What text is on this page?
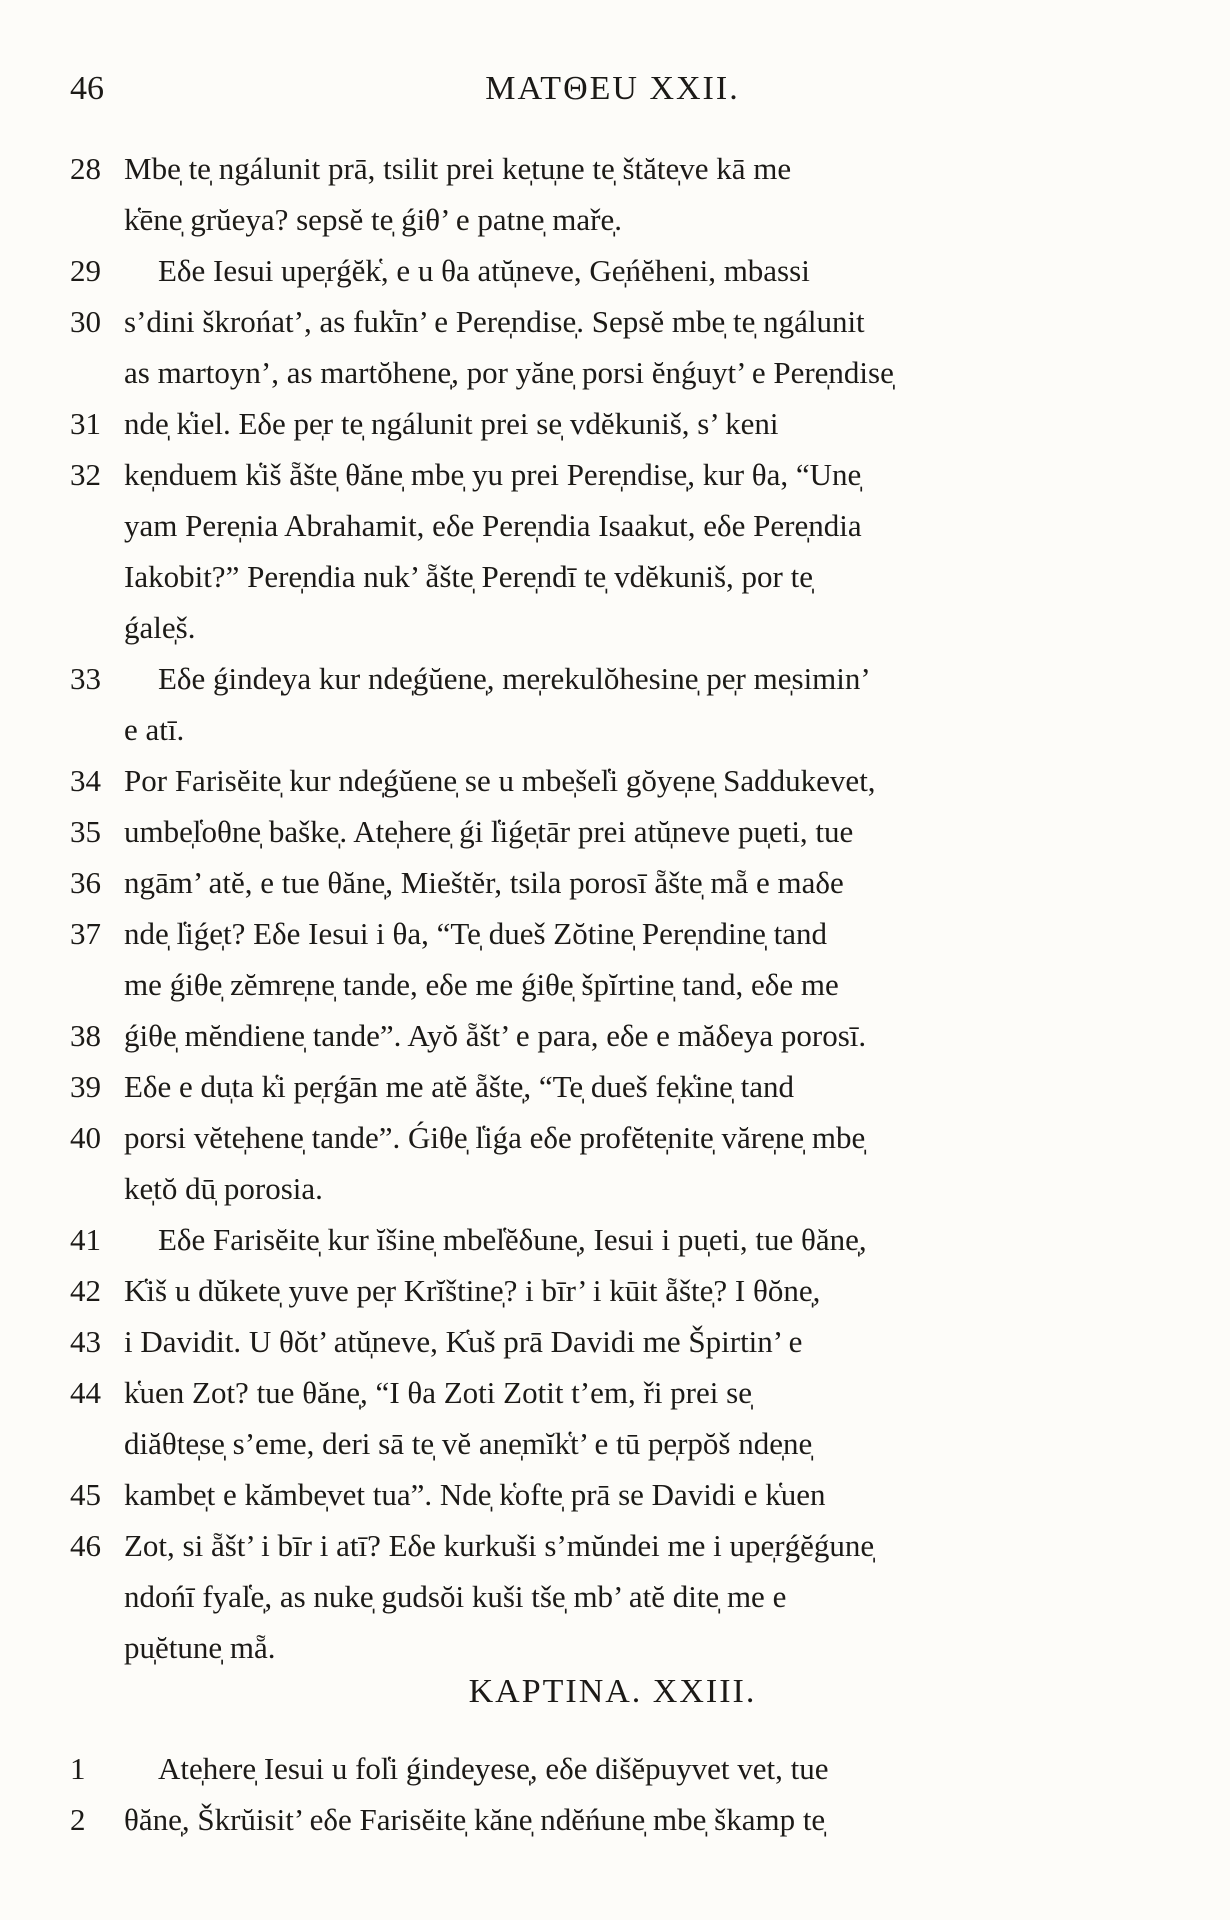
46	MATΘEU XXII.
28 Mbe̩ te̩ ngálunit prā, tsilit prei ke̩tu̩ne te̩ štăte̩ve kā me
k̔ēne̩ grŭeya? sepsĕ te̩ ǵiθ’ e patne̩ maře̩.
29	Eδe Iesui upe̩rǵĕk̔, e u θa atŭ̩neve, Ge̩ńĕheni, mbassi
30 s’dini škrońat’, as fuk̔īn’ e Pere̩ndise̩. Sepsĕ mbe̩ te̩ ngálunit
as martoyn’, as martŏhene̩, por yăne̩ porsi ĕnǵuyt’ e Pere̩ndise̩
31 nde̩ k̔iel. Eδe pe̩r te̩ ngálunit prei se̩ vdĕkuniš, s’ keni
32 ke̩nduem k̔iš ẵšte̩ θăne̩ mbe̩ yu prei Pere̩ndise̩, kur θa, “Une̩
yam Pere̩nia Abrahamit, eδe Pere̩ndia Isaakut, eδe Pere̩ndia
Iakobit?” Pere̩ndia nuk’ ẵšte̩ Pere̩ndī te̩ vdĕkuniš, por te̩
ǵale̩š.
33	Eδe ǵinde̩ya kur nde̩ǵŭene̩, me̩rekulŏhesine̩ pe̩r me̩simin’
e atī.
34 Por Farisĕite̩ kur nde̩ǵŭene̩ se u mbe̩šel̔i gŏye̩ne̩ Saddukevet,
35 umbe̩l̔oθne̩ baške̩. Ate̩here̩ ǵi l̔iǵe̩tār prei atŭ̩neve pu̩eti, tue
36 ngām’ atĕ, e tue θăne̩, Mieštĕr, tsila porosī ẵšte̩ mẵ e maδe
37 nde̩ l̔iǵe̩t? Eδe Iesui i θa, “Te̩ dueš Zŏtine̩ Pere̩ndine̩ tand
me ǵiθe̩ zĕmre̩ne̩ tande, eδe me ǵiθe̩ špĭrtine̩ tand, eδe me
38 ǵiθe̩ mĕndiene̩ tande”. Ayŏ ẵšt’ e para, eδe e măδeya porosī.
39 Eδe e du̩ta k̔i pe̩rǵān me atĕ ẵšte̩, “Te̩ dueš fe̩k̔ine̩ tand
40 porsi vĕte̩hene̩ tande”. Ǵiθe̩ l̔iǵa eδe profĕte̩nite̩ văre̩ne̩ mbe̩
ke̩tŏ dū̩ porosia.
41	Eδe Farisĕite̩ kur ĭšine̩ mbel̔ĕδune̩, Iesui i pu̩eti, tue θăne̩,
42 K̔iš u dŭkete̩ yuve pe̩r Krĭštine̩? i bīr’ i kūit ẵšte̩? I θŏne̩,
43 i Davidit. U θŏt’ atŭ̩neve, K̔uš prā Davidi me Špirtin’ e
44 k̔uen Zot? tue θăne̩, “I θa Zoti Zotit t’em, ři prei se̩
diăθte̩se̩ s’eme, deri sā te̩ vĕ ane̩mĭk̔t’ e tū pe̩rpŏš nde̩ne̩
45 kambe̩t e kămbe̩vet tua”. Nde̩ k̔ofte̩ prā se Davidi e k̔uen
46 Zot, si ẵšt’ i bīr i atī? Eδe kurkuši s’mŭndei me i upe̩rǵĕǵune̩
ndońī fyal̔e̩, as nuke̩ gudsŏi kuši tše̩ mb’ atĕ dite̩ me e
pu̩ĕtune̩ mẵ.
KAPTINA. XXIII.
1	Ate̩here̩ Iesui u fol̔i ǵinde̩yese̩, eδe dišĕpuyvet vet, tue
2	θăne̩, Škrŭisit’ eδe Farisĕite̩ kăne̩ ndĕńune̩ mbe̩ škamp te̩
